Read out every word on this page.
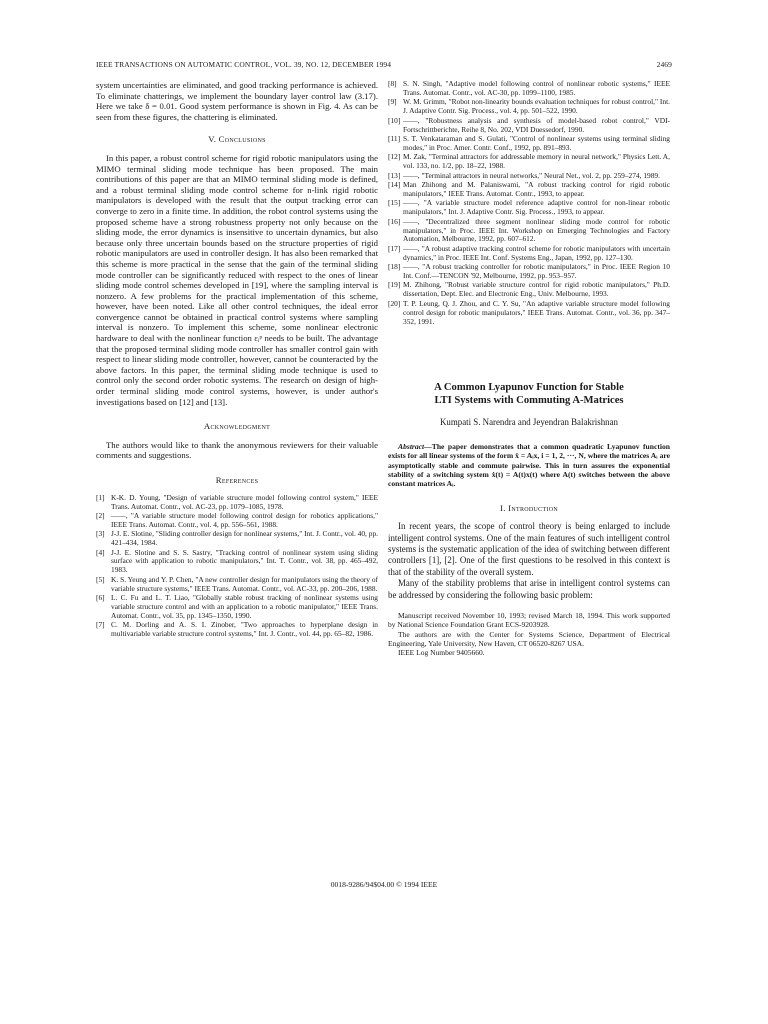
IEEE TRANSACTIONS ON AUTOMATIC CONTROL, VOL. 39, NO. 12, DECEMBER 1994	2469

system uncertainties are eliminated, and good tracking performance is achieved. To eliminate chatterings, we implement the boundary layer control law (3.17). Here we take δ = 0.01. Good system performance is shown in Fig. 4. As can be seen from these figures, the chattering is eliminated.

V. Conclusions

In this paper, a robust control scheme for rigid robotic manipulators using the MIMO terminal sliding mode technique has been proposed. The main contributions of this paper are that an MIMO terminal sliding mode is defined, and a robust terminal sliding mode control scheme for n-link rigid robotic manipulators is developed with the result that the output tracking error can converge to zero in a finite time. In addition, the robot control systems using the proposed scheme have a strong robustness property not only because on the sliding mode, the error dynamics is insensitive to uncertain dynamics, but also because only three uncertain bounds based on the structure properties of rigid robotic manipulators are used in controller design. It has also been remarked that this scheme is more practical in the sense that the gain of the terminal sliding mode controller can be significantly reduced with respect to the ones of linear sliding mode control schemes developed in [19], where the sampling interval is nonzero. A few problems for the practical implementation of this scheme, however, have been noted. Like all other control techniques, the ideal error convergence cannot be obtained in practical control systems where sampling interval is nonzero. To implement this scheme, some nonlinear electronic hardware to deal with the nonlinear function εᵢᵖ needs to be built. The advantage that the proposed terminal sliding mode controller has smaller control gain with respect to linear sliding mode controller, however, cannot be counteracted by the above factors. In this paper, the terminal sliding mode technique is used to control only the second order robotic systems. The research on design of high-order terminal sliding mode control systems, however, is under author's investigations based on [12] and [13].

Acknowledgment

The authors would like to thank the anonymous reviewers for their valuable comments and suggestions.

References
[1] K-K. D. Young, "Design of variable structure model following control system," IEEE Trans. Automat. Contr., vol. AC-23, pp. 1079–1085, 1978.
[2] ——, "A variable structure model following control design for robotics applications," IEEE Trans. Automat. Contr., vol. 4, pp. 556–561, 1988.
[3] J-J. E. Slotine, "Sliding controller design for nonlinear systems," Int. J. Contr., vol. 40, pp. 421–434, 1984.
[4] J-J. E. Slotine and S. S. Sastry, "Tracking control of nonlinear system using sliding surface with application to robotic manipulators," Int. T. Contr., vol. 38, pp. 465–492, 1983.
[5] K. S. Yeung and Y. P. Chen, "A new controller design for manipulators using the theory of variable structure systems," IEEE Trans. Automat. Contr., vol. AC-33, pp. 200–206, 1988.
[6] L. C. Fu and L. T. Liao, "Globally stable robust tracking of nonlinear systems using variable structure control and with an application to a robotic manipulator," IEEE Trans. Automat. Contr., vol. 35, pp. 1345–1350, 1990.
[7] C. M. Dorling and A. S. I. Zinober, "Two approaches to hyperplane design in multivariable variable structure control systems," Int. J. Contr., vol. 44, pp. 65–82, 1986.
[8] S. N. Singh, "Adaptive model following control of nonlinear robotic systems," IEEE Trans. Automat. Contr., vol. AC-30, pp. 1099–1100, 1985.
[9] W. M. Grimm, "Robot non-linearity bounds evaluation techniques for robust control," Int. J. Adaptive Contr. Sig. Process., vol. 4, pp. 501–522, 1990.
[10] ——, "Robustness analysis and synthesis of model-based robot control," VDI-Fortschrittberichte, Reihe 8, No. 202, VDI Duessedorf, 1990.
[11] S. T. Venkataraman and S. Gulati, "Control of nonlinear systems using terminal sliding modes," in Proc. Amer. Contr. Conf., 1992, pp. 891–893.
[12] M. Zak, "Terminal attractors for addressable memory in neural network," Physics Lett. A, vol. 133, no. 1/2, pp. 18–22, 1988.
[13] ——, "Terminal attractors in neural networks," Neural Net., vol. 2, pp. 259–274, 1989.
[14] Man Zhihong and M. Palaniswami, "A robust tracking control for rigid robotic manipulators," IEEE Trans. Automat. Contr., 1993, to appear.
[15] ——, "A variable structure model reference adaptive control for non-linear robotic manipulators," Int. J. Adaptive Contr. Sig. Process., 1993, to appear.
[16] ——, "Decentralized three segment nonlinear sliding mode control for robotic manipulators," in Proc. IEEE Int. Workshop on Emerging Technologies and Factory Automation, Melbourne, 1992, pp. 607–612.
[17] ——, "A robust adaptive tracking control scheme for robotic manipulators with uncertain dynamics," in Proc. IEEE Int. Conf. Systems Eng., Japan, 1992, pp. 127–130.
[18] ——, "A robust tracking controller for robotic manipulators," in Proc. IEEE Region 10 Int. Conf.—TENCON '92, Melbourne, 1992, pp. 953–957.
[19] M. Zhihong, "Robust variable structure control for rigid robotic manipulators," Ph.D. dissertation, Dept. Elec. and Electronic Eng., Univ. Melbourne, 1993.
[20] T. P. Leung, Q. J. Zhou, and C. Y. Su, "An adaptive variable structure model following control design for robotic manipulators," IEEE Trans. Automat. Contr., vol. 36, pp. 347–352, 1991.
A Common Lyapunov Function for Stable
LTI Systems with Commuting A-Matrices
Kumpati S. Narendra and Jeyendran Balakrishnan

Abstract—The paper demonstrates that a common quadratic Lyapunov function exists for all linear systems of the form ẋ = Aᵢx, i = 1, 2, ···, N, where the matrices Aᵢ are asymptotically stable and commute pairwise. This in turn assures the exponential stability of a switching system ẋ(t) = A(t)x(t) where A(t) switches between the above constant matrices Aᵢ.

I. Introduction

In recent years, the scope of control theory is being enlarged to include intelligent control systems. One of the main features of such intelligent control systems is the systematic application of the idea of switching between different controllers [1], [2]. One of the first questions to be resolved in this context is that of the stability of the overall system.

Many of the stability problems that arise in intelligent control systems can be addressed by considering the following basic problem:

Manuscript received November 10, 1993; revised March 18, 1994. This work supported by National Science Foundation Grant ECS-9203928.

The authors are with the Center for Systems Science, Department of Electrical Engineering, Yale University, New Haven, CT 06520-8267 USA.

IEEE Log Number 9405660.

0018-9286/94$04.00 © 1994 IEEE
